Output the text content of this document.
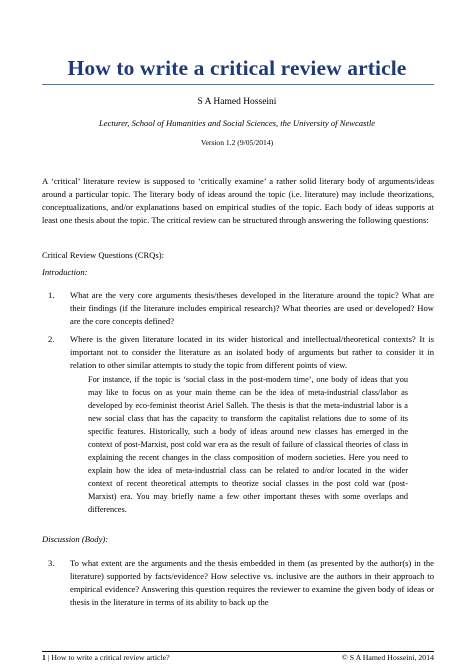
How to write a critical review article
S A Hamed Hosseini
Lecturer, School of Humanities and Social Sciences, the University of Newcastle
Version 1.2 (9/05/2014)

A ‘critical’ literature review is supposed to ‘critically examine’ a rather solid literary body of arguments/ideas around a particular topic. The literary body of ideas around the topic (i.e. literature) may include theorizations, conceptualizations, and/or explanations based on empirical studies of the topic. Each body of ideas supports at least one thesis about the topic. The critical review can be structured through answering the following questions:

Critical Review Questions (CRQs):

Introduction:

1.	What are the very core arguments thesis/theses developed in the literature around the topic? What are their findings (if the literature includes empirical research)? What theories are used or developed? How are the core concepts defined?
2.	Where is the given literature located in its wider historical and intellectual/theoretical contexts? It is important not to consider the literature as an isolated body of arguments but rather to consider it in relation to other similar attempts to study the topic from different points of view.

For instance, if the topic is ‘social class in the post-modern time’, one body of ideas that you may like to focus on as your main theme can be the idea of meta-industrial class/labor as developed by eco-feminist theorist Ariel Salleh. The thesis is that the meta-industrial labor is a new social class that has the capacity to transform the capitalist relations due to some of its specific features. Historically, such a body of ideas around new classes has emerged in the context of post-Marxist, post cold war era as the result of failure of classical theories of class in explaining the recent changes in the class composition of modern societies. Here you need to explain how the idea of meta-industrial class can be related to and/or located in the wider context of recent theoretical attempts to theorize social classes in the post cold war (post-Marxist) era. You may briefly name a few other important theses with some overlaps and differences.

Discussion (Body):

3.	To what extent are the arguments and the thesis embedded in them (as presented by the author(s) in the literature) supported by facts/evidence? How selective vs. inclusive are the authors in their approach to empirical evidence? Answering this question requires the reviewer to examine the given body of ideas or thesis in the literature in terms of its ability to back up the
1 | How to write a critical review article?	© S A Hamed Hosseini, 2014
